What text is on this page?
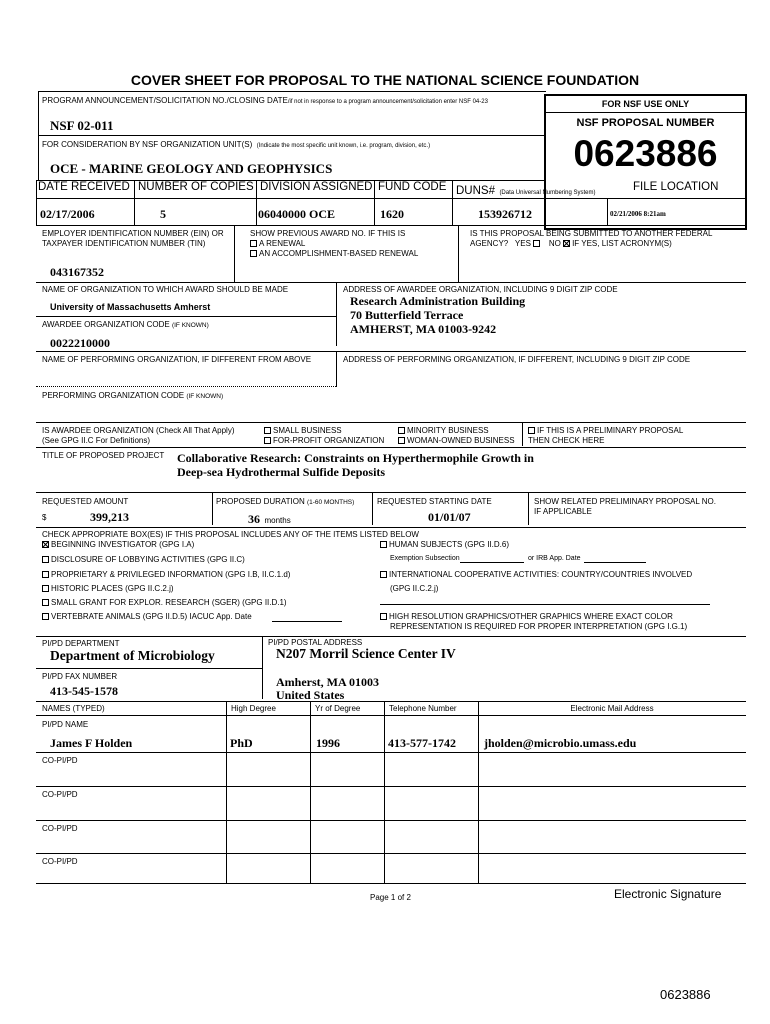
COVER SHEET FOR PROPOSAL TO THE NATIONAL SCIENCE FOUNDATION
PROGRAM ANNOUNCEMENT/SOLICITATION NO./CLOSING DATE/if not in response to a program announcement/solicitation enter NSF 04-23
NSF 02-011
FOR CONSIDERATION BY NSF ORGANIZATION UNIT(S) (Indicate the most specific unit known, i.e. program, division, etc.)
OCE - MARINE GEOLOGY AND GEOPHYSICS
FOR NSF USE ONLY
NSF PROPOSAL NUMBER
0623886
DATE RECEIVED NUMBER OF COPIES DIVISION ASSIGNED FUND CODE DUNS# (Data Universal Numbering System)	FILE LOCATION
02/17/2006	5	06040000 OCE	1620	153926712	02/21/2006 8:21am
EMPLOYER IDENTIFICATION NUMBER (EIN) OR
TAXPAYER IDENTIFICATION NUMBER (TIN)
043167352
SHOW PREVIOUS AWARD NO. IF THIS IS
A RENEWAL
AN ACCOMPLISHMENT-BASED RENEWAL
IS THIS PROPOSAL BEING SUBMITTED TO ANOTHER FEDERAL
AGENCY? YES NO IF YES, LIST ACRONYM(S)
NAME OF ORGANIZATION TO WHICH AWARD SHOULD BE MADE
University of Massachusetts Amherst
ADDRESS OF AWARDEE ORGANIZATION, INCLUDING 9 DIGIT ZIP CODE
Research Administration Building
70 Butterfield Terrace
AMHERST, MA 01003-9242
AWARDEE ORGANIZATION CODE (IF KNOWN)
0022210000
NAME OF PERFORMING ORGANIZATION, IF DIFFERENT FROM ABOVE	ADDRESS OF PERFORMING ORGANIZATION, IF DIFFERENT, INCLUDING 9 DIGIT ZIP CODE
PERFORMING ORGANIZATION CODE (IF KNOWN)
IS AWARDEE ORGANIZATION (Check All That Apply)
(See GPG II.C For Definitions)
SMALL BUSINESS
FOR-PROFIT ORGANIZATION
MINORITY BUSINESS
WOMAN-OWNED BUSINESS
IF THIS IS A PRELIMINARY PROPOSAL
THEN CHECK HERE
TITLE OF PROPOSED PROJECT Collaborative Research: Constraints on Hyperthermophile Growth in
Deep-sea Hydrothermal Sulfide Deposits
REQUESTED AMOUNT
$	399,213
PROPOSED DURATION (1-60 MONTHS)
36 months
REQUESTED STARTING DATE
01/01/07
SHOW RELATED PRELIMINARY PROPOSAL NO.
IF APPLICABLE
CHECK APPROPRIATE BOX(ES) IF THIS PROPOSAL INCLUDES ANY OF THE ITEMS LISTED BELOW
BEGINNING INVESTIGATOR (GPG I.A)
DISCLOSURE OF LOBBYING ACTIVITIES (GPG II.C)
PROPRIETARY & PRIVILEGED INFORMATION (GPG I.B, II.C.1.d)
HISTORIC PLACES (GPG II.C.2.j)
SMALL GRANT FOR EXPLOR. RESEARCH (SGER) (GPG II.D.1)
VERTEBRATE ANIMALS (GPG II.D.5) IACUC App. Date
HUMAN SUBJECTS (GPG II.D.6)
Exemption Subsection	or IRB App. Date
INTERNATIONAL COOPERATIVE ACTIVITIES: COUNTRY/COUNTRIES INVOLVED
(GPG II.C.2.j)
HIGH RESOLUTION GRAPHICS/OTHER GRAPHICS WHERE EXACT COLOR
REPRESENTATION IS REQUIRED FOR PROPER INTERPRETATION (GPG I.G.1)
PI/PD DEPARTMENT
Department of Microbiology
PI/PD POSTAL ADDRESS
N207 Morril Science Center IV
PI/PD FAX NUMBER
413-545-1578
Amherst, MA 01003
United States
NAMES (TYPED)	High Degree	Yr of Degree	Telephone Number	Electronic Mail Address
PI/PD NAME
James F Holden	PhD	1996	413-577-1742 jholden@microbio.umass.edu
CO-PI/PD
CO-PI/PD
CO-PI/PD
CO-PI/PD
Page 1 of 2	Electronic Signature
0623886
